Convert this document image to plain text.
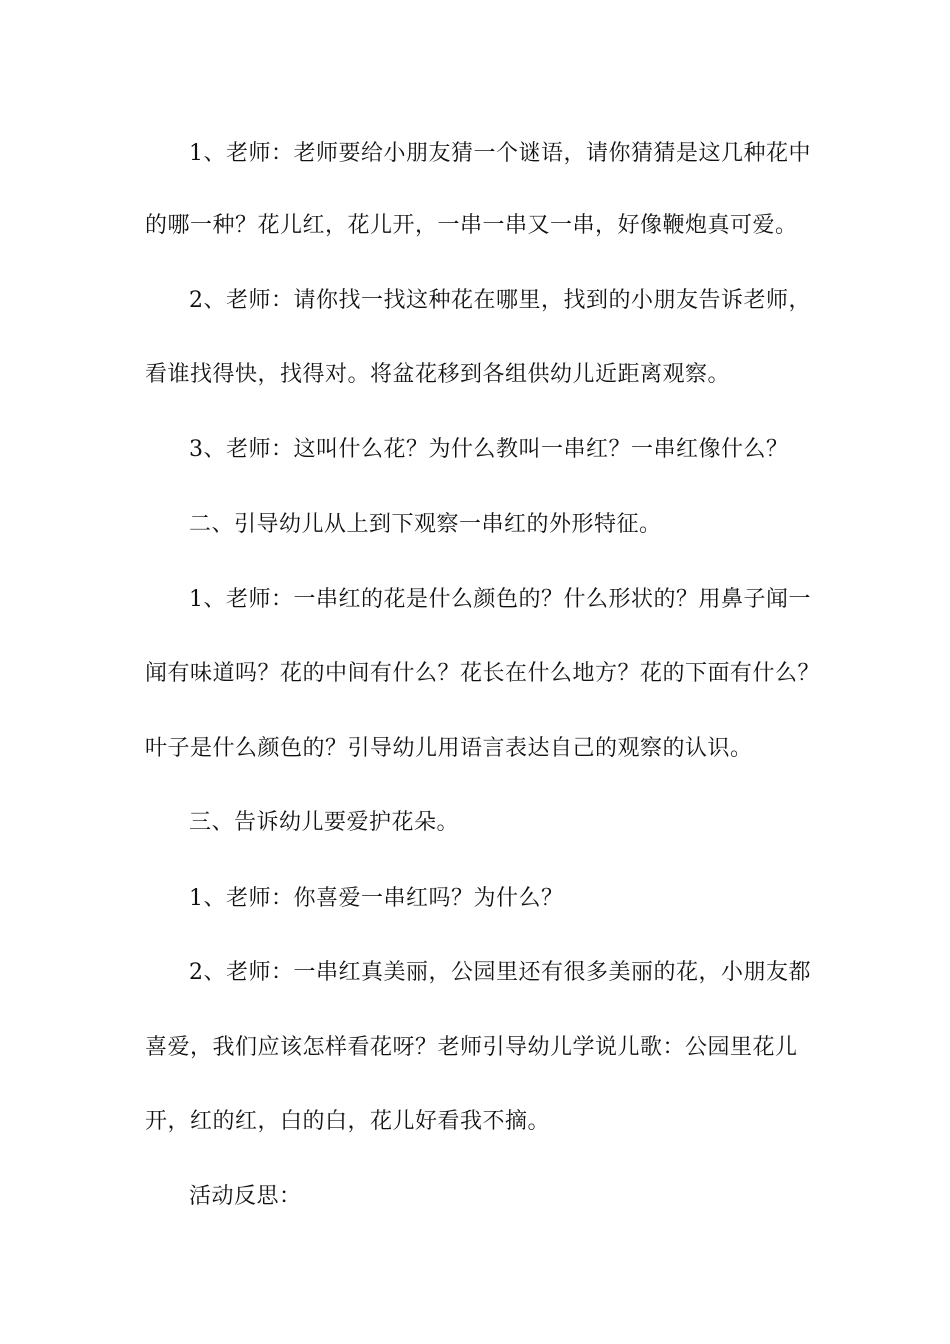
1、老师：老师要给小朋友猜一个谜语，请你猜猜是这几种花中
的哪一种？花儿红，花儿开，一串一串又一串，好像鞭炮真可爱。
2、老师：请你找一找这种花在哪里，找到的小朋友告诉老师，
看谁找得快，找得对。将盆花移到各组供幼儿近距离观察。
3、老师：这叫什么花？为什么教叫一串红？一串红像什么？
二、引导幼儿从上到下观察一串红的外形特征。
1、老师：一串红的花是什么颜色的？什么形状的？用鼻子闻一
闻有味道吗？花的中间有什么？花长在什么地方？花的下面有什么？
叶子是什么颜色的？引导幼儿用语言表达自己的观察的认识。
三、告诉幼儿要爱护花朵。
1、老师：你喜爱一串红吗？为什么？
2、老师：一串红真美丽，公园里还有很多美丽的花，小朋友都
喜爱，我们应该怎样看花呀？老师引导幼儿学说儿歌：公园里花儿
开，红的红，白的白，花儿好看我不摘。
活动反思：
